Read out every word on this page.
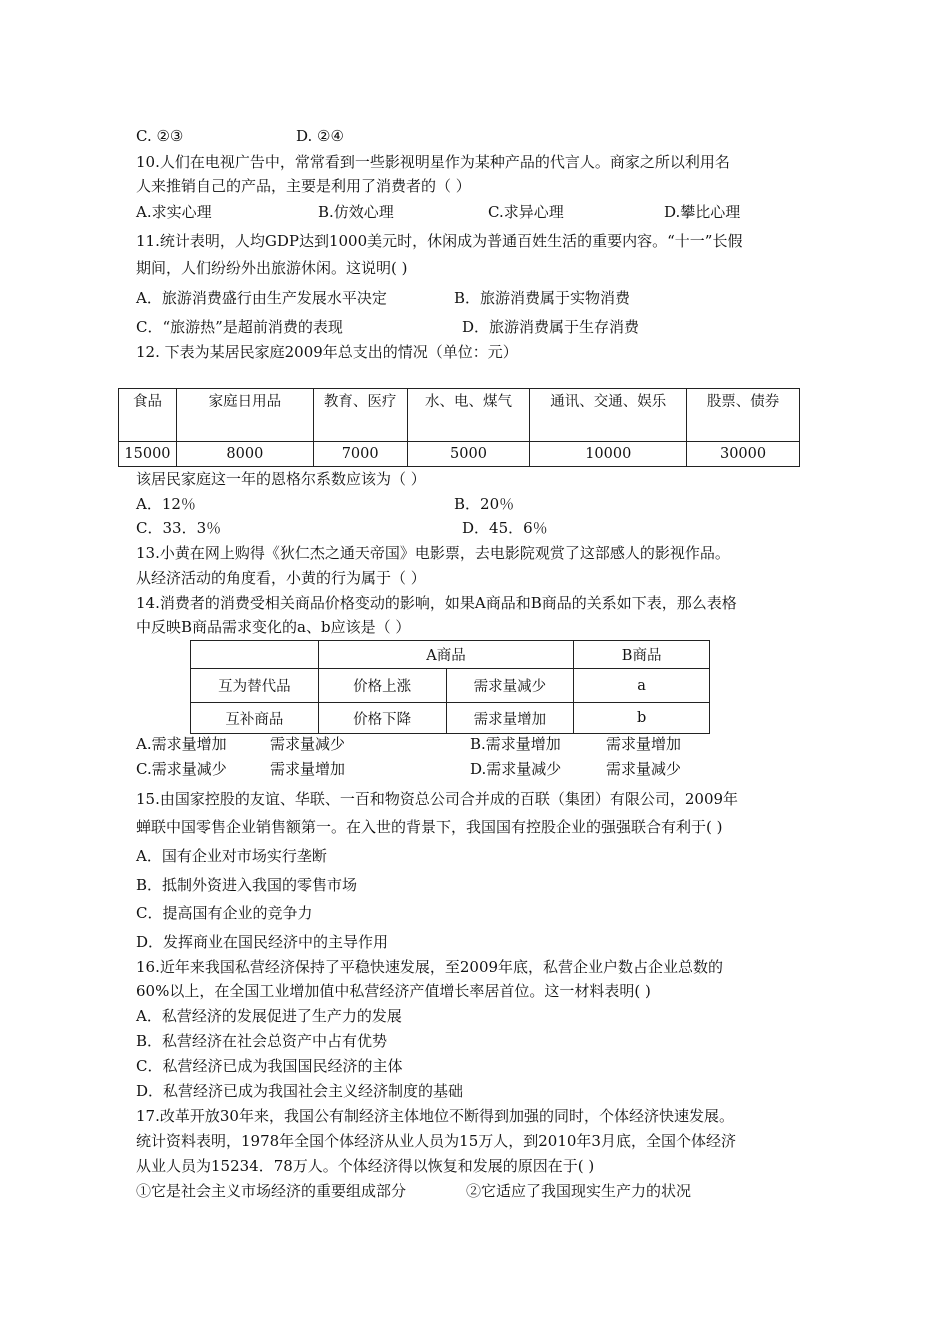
C. ②③	D. ②④
10.人们在电视广告中，常常看到一些影视明星作为某种产品的代言人。商家之所以利用名
人来推销自己的产品，主要是利用了消费者的（ ）
A.求实心理	B.仿效心理	C.求异心理	D.攀比心理
11.统计表明，人均GDP达到1000美元时，休闲成为普通百姓生活的重要内容。“十一”长假
期间，人们纷纷外出旅游休闲。这说明( )
A．旅游消费盛行由生产发展水平决定	B．旅游消费属于实物消费
C．“旅游热”是超前消费的表现	D．旅游消费属于生存消费
12. 下表为某居民家庭2009年总支出的情况（单位：元）
食品	家庭日用品	教育、医疗	水、电、煤气	通讯、交通、娱乐	股票、债券
15000	8000	7000	5000	10000	30000
该居民家庭这一年的恩格尔系数应该为（ ）
A．12％	B．20％
C．33．3％	D．45．6％
13.小黄在网上购得《狄仁杰之通天帝国》电影票，去电影院观赏了这部感人的影视作品。
从经济活动的角度看，小黄的行为属于（ ）
14.消费者的消费受相关商品价格变动的影响，如果A商品和B商品的关系如下表，那么表格
中反映B商品需求变化的a、b应该是（ ）
	A商品		B商品
互为替代品	价格上涨	需求量减少	a
互补商品	价格下降	需求量增加	b
A.需求量增加	需求量减少	B.需求量增加	需求量增加
C.需求量减少	需求量增加	D.需求量减少	需求量减少
15.由国家控股的友谊、华联、一百和物资总公司合并成的百联（集团）有限公司，2009年
蝉联中国零售企业销售额第一。在入世的背景下，我国国有控股企业的强强联合有利于( )
A．国有企业对市场实行垄断
B．抵制外资进入我国的零售市场
C．提高国有企业的竞争力
D．发挥商业在国民经济中的主导作用
16.近年来我国私营经济保持了平稳快速发展，至2009年底，私营企业户数占企业总数的
60%以上，在全国工业增加值中私营经济产值增长率居首位。这一材料表明( )
A．私营经济的发展促进了生产力的发展
B．私营经济在社会总资产中占有优势
C．私营经济已成为我国国民经济的主体
D．私营经济已成为我国社会主义经济制度的基础
17.改革开放30年来，我国公有制经济主体地位不断得到加强的同时，个体经济快速发展。
统计资料表明，1978年全国个体经济从业人员为15万人，到2010年3月底，全国个体经济
从业人员为15234．78万人。个体经济得以恢复和发展的原因在于( )
①它是社会主义市场经济的重要组成部分	②它适应了我国现实生产力的状况
